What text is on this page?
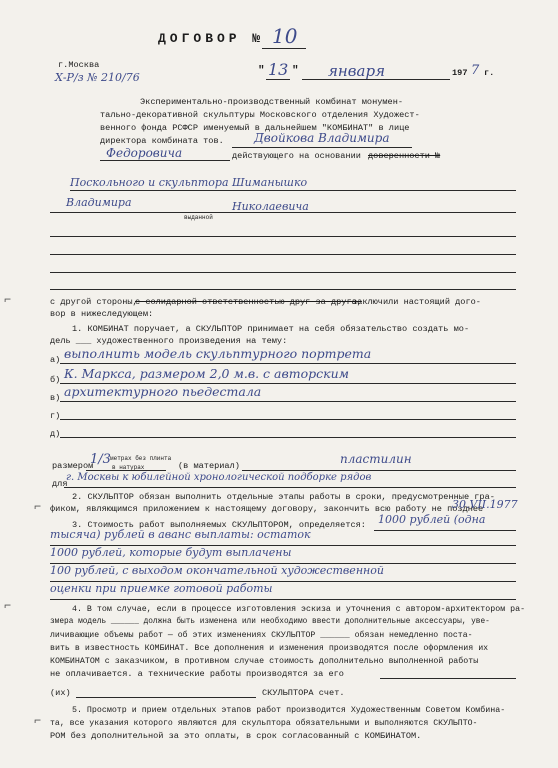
ДОГОВОР № 10
г.Москва
Х-Р/з № 210/76	" 13 " января	197 7 г.
Экспериментально-производственный комбинат монумен-
тально-декоративной скульптуры Московского отделения Художест-
венного фонда РСФСР именуемый в дальнейшем "КОМБИНАТ" в лице
директора комбината тов.	Двойкова Владимира
Федоровича	действующего на основании доверенности №
Поскольного и скульптора Шиманышко
Владимира
выданной
Николаевича
⌐	с другой стороны,
с солидарной ответственностью друг за друга,
заключили настоящий дого-
вор в нижеследующем:
1. КОМБИНАТ поручает, а СКУЛЬПТОР принимает на себя обязательство создать мо-
дель ___ художественного произведения на тему:
а) выполнить модель скульптурного портрета
б) К. Маркса, размером 2,0 м.в. с авторским
в) архитектурного пьедестала
г)
д)
размером
1/3 метрах без плинта
в натурах	(в материал)	пластилин
для
г. Москвы к юбилейной хронологической подборке рядов
2. СКУЛЬПТОР обязан выполнить отдельные этапы работы в сроки, предусмотренные гра-
⌐ фиком, являющимся приложением к настоящему договору, закончить всю работу не позднее
30.VII.1977
3. Стоимость работ выполняемых СКУЛЬПТОРОМ, определяется: 1000 рублей (одна
тысяча) рублей в аванс выплаты: остаток
1000 рублей, которые будут выплачены
100 рублей, с выходом окончательной художественной
оценки при приемке готовой работы
⌐	4. В том случае, если в процессе изготовления эскиза и уточнения с автором-архитектором ра-
змера модель ______ должна быть изменена или необходимо ввести дополнительные аксессуары, уве-
личивающие объемы работ — об этих изменениях СКУЛЬПТОР ______ обязан немедленно поста-
вить в известность КОМБИНАТ. Все дополнения и изменения производятся после оформления их
КОМБИНАТОМ с заказчиком, в противном случае стоимость дополнительно выполненной работы
не оплачивается. а технические работы производятся за его
(их)	СКУЛЬПТОРА счет.
5. Просмотр и прием отдельных этапов работ производится Художественным Советом Комбина-
⌐ та, все указания которого являются для скульптора обязательными и выполняются СКУЛЬПТО-
РОМ без дополнительной за это оплаты, в срок согласованный с КОМБИНАТОМ.
